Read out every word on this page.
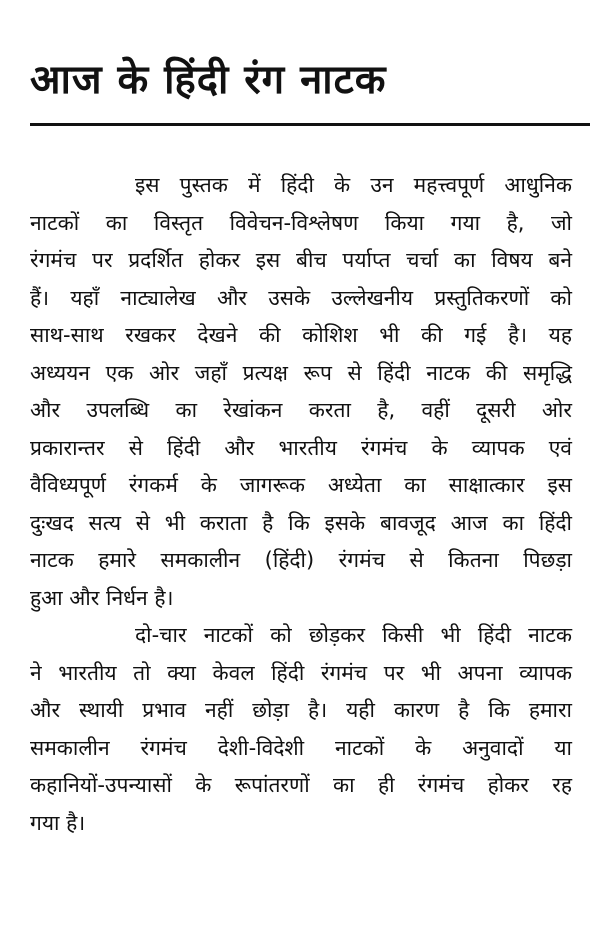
आज के हिंदी रंग नाटक
इस पुस्तक में हिंदी के उन महत्त्वपूर्ण आधुनिक
नाटकों का विस्तृत विवेचन-विश्लेषण किया गया है, जो
रंगमंच पर प्रदर्शित होकर इस बीच पर्याप्त चर्चा का विषय बने
हैं। यहाँ नाट्यालेख और उसके उल्लेखनीय प्रस्तुतिकरणों को
साथ-साथ रखकर देखने की कोशिश भी की गई है। यह
अध्ययन एक ओर जहाँ प्रत्यक्ष रूप से हिंदी नाटक की समृद्धि
और उपलब्धि का रेखांकन करता है, वहीं दूसरी ओर
प्रकारान्तर से हिंदी और भारतीय रंगमंच के व्यापक एवं
वैविध्यपूर्ण रंगकर्म के जागरूक अध्येता का साक्षात्कार इस
दुःखद सत्य से भी कराता है कि इसके बावजूद आज का हिंदी
नाटक हमारे समकालीन (हिंदी) रंगमंच से कितना पिछड़ा
हुआ और निर्धन है।
दो-चार नाटकों को छोड़कर किसी भी हिंदी नाटक
ने भारतीय तो क्या केवल हिंदी रंगमंच पर भी अपना व्यापक
और स्थायी प्रभाव नहीं छोड़ा है। यही कारण है कि हमारा
समकालीन रंगमंच देशी-विदेशी नाटकों के अनुवादों या
कहानियों-उपन्यासों के रूपांतरणों का ही रंगमंच होकर रह
गया है।
